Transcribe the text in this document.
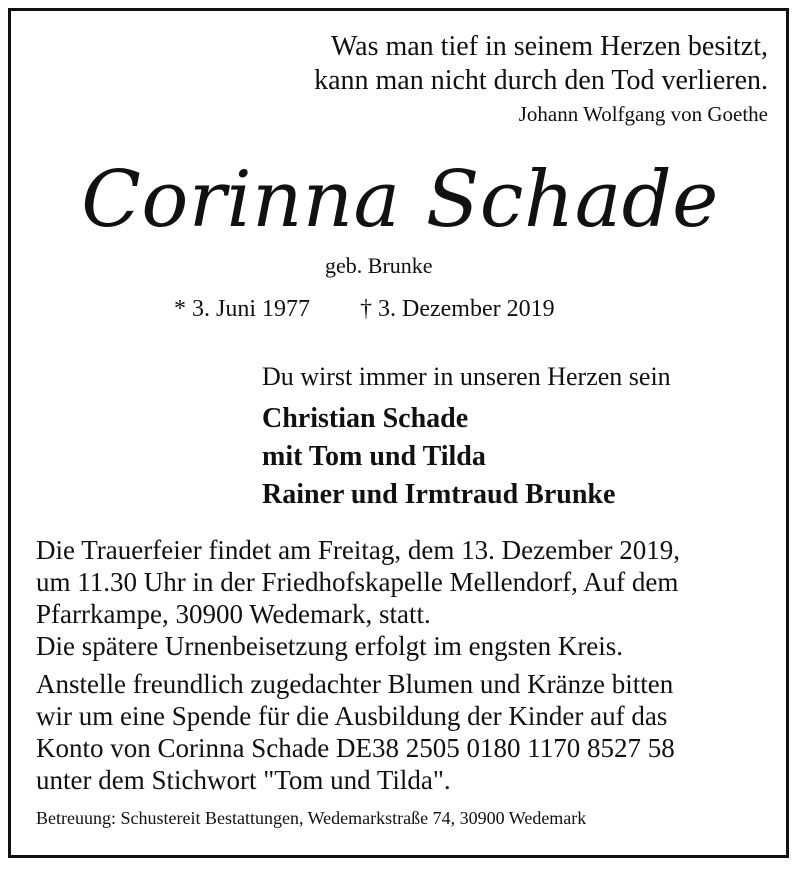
Was man tief in seinem Herzen besitzt,
kann man nicht durch den Tod verlieren.
Johann Wolfgang von Goethe
Corinna Schade
geb. Brunke
* 3. Juni 1977 † 3. Dezember 2019
Du wirst immer in unseren Herzen sein
Christian Schade
mit Tom und Tilda
Rainer und Irmtraud Brunke
Die Trauerfeier findet am Freitag, dem 13. Dezember 2019,
um 11.30 Uhr in der Friedhofskapelle Mellendorf, Auf dem
Pfarrkampe, 30900 Wedemark, statt.
Die spätere Urnenbeisetzung erfolgt im engsten Kreis.
Anstelle freundlich zugedachter Blumen und Kränze bitten
wir um eine Spende für die Ausbildung der Kinder auf das
Konto von Corinna Schade DE38 2505 0180 1170 8527 58
unter dem Stichwort "Tom und Tilda".
Betreuung: Schustereit Bestattungen, Wedemarkstraße 74, 30900 Wedemark
